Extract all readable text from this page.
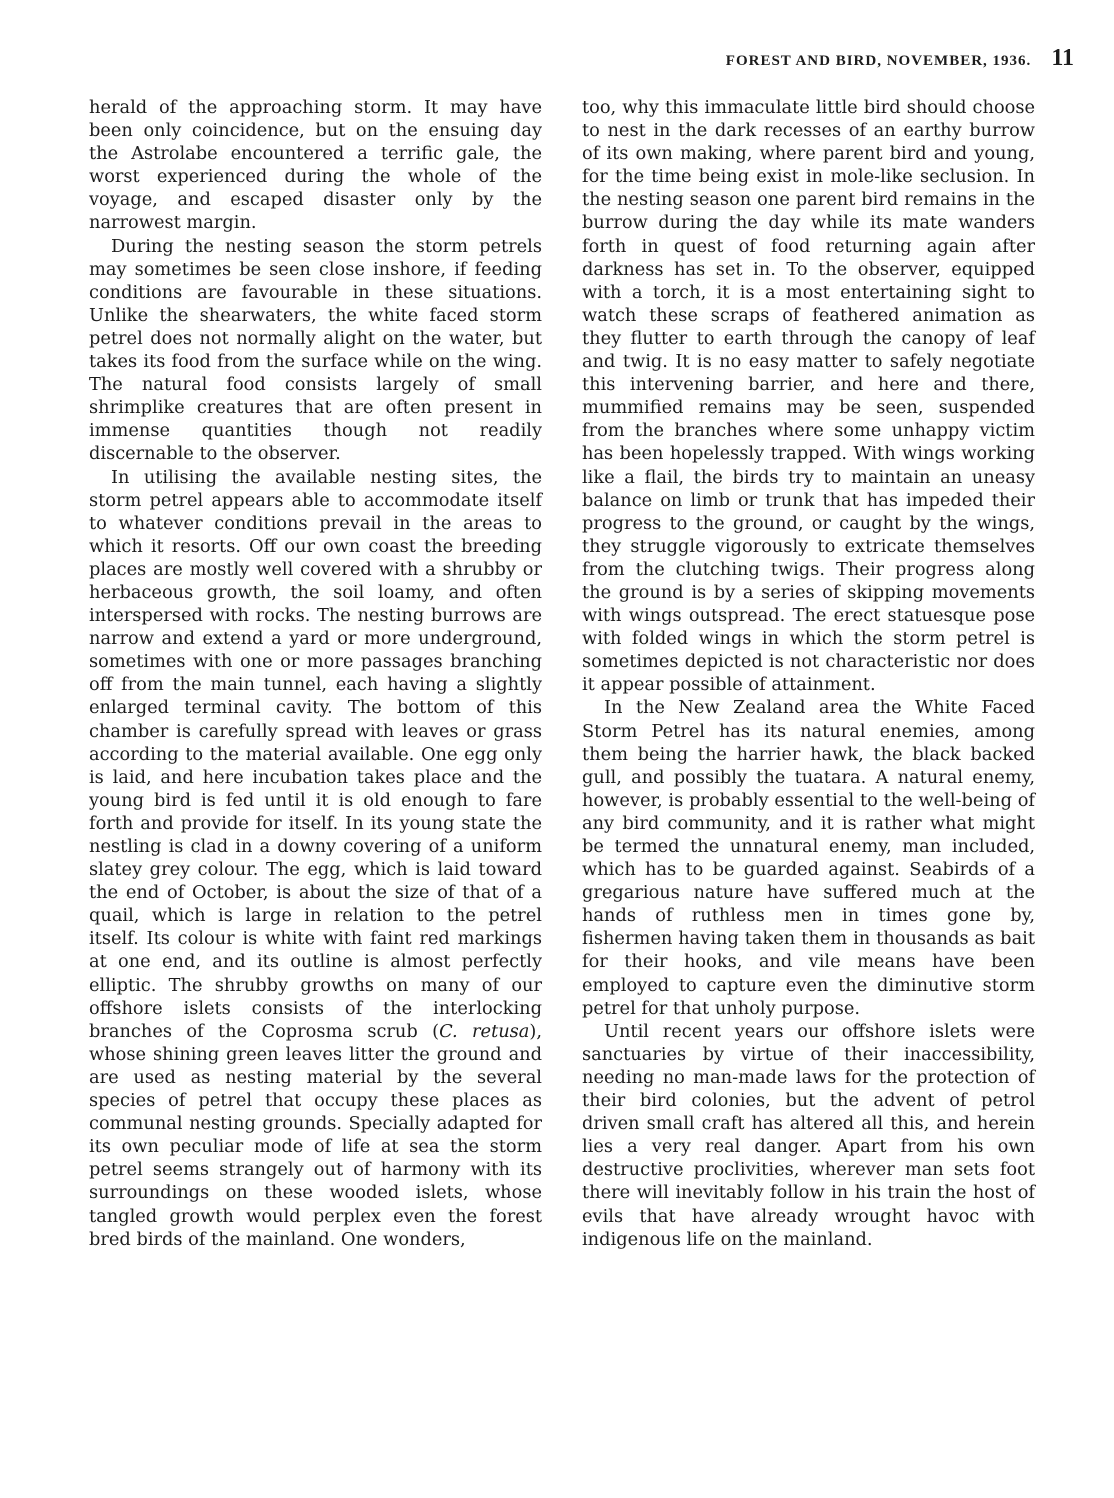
FOREST AND BIRD, NOVEMBER, 1936. 11

herald of the approaching storm. It may have been only coincidence, but on the ensuing day the Astrolabe encountered a terrific gale, the worst experienced during the whole of the voyage, and escaped disaster only by the narrowest margin.

During the nesting season the storm petrels may sometimes be seen close inshore, if feeding conditions are favourable in these situations. Unlike the shearwaters, the white faced storm petrel does not normally alight on the water, but takes its food from the surface while on the wing. The natural food consists largely of small shrimplike creatures that are often present in immense quantities though not readily discernable to the observer.

In utilising the available nesting sites, the storm petrel appears able to accommodate itself to whatever conditions prevail in the areas to which it resorts. Off our own coast the breeding places are mostly well covered with a shrubby or herbaceous growth, the soil loamy, and often interspersed with rocks. The nesting burrows are narrow and extend a yard or more underground, sometimes with one or more passages branching off from the main tunnel, each having a slightly enlarged terminal cavity. The bottom of this chamber is carefully spread with leaves or grass according to the material available. One egg only is laid, and here incubation takes place and the young bird is fed until it is old enough to fare forth and provide for itself. In its young state the nestling is clad in a downy covering of a uniform slatey grey colour. The egg, which is laid toward the end of October, is about the size of that of a quail, which is large in relation to the petrel itself. Its colour is white with faint red markings at one end, and its outline is almost perfectly elliptic. The shrubby growths on many of our offshore islets consists of the interlocking branches of the Coprosma scrub (C. retusa), whose shining green leaves litter the ground and are used as nesting material by the several species of petrel that occupy these places as communal nesting grounds. Specially adapted for its own peculiar mode of life at sea the storm petrel seems strangely out of harmony with its surroundings on these wooded islets, whose tangled growth would perplex even the forest bred birds of the mainland. One wonders,

too, why this immaculate little bird should choose to nest in the dark recesses of an earthy burrow of its own making, where parent bird and young, for the time being exist in mole-like seclusion. In the nesting season one parent bird remains in the burrow during the day while its mate wanders forth in quest of food returning again after darkness has set in. To the observer, equipped with a torch, it is a most entertaining sight to watch these scraps of feathered animation as they flutter to earth through the canopy of leaf and twig. It is no easy matter to safely negotiate this intervening barrier, and here and there, mummified remains may be seen, suspended from the branches where some unhappy victim has been hopelessly trapped. With wings working like a flail, the birds try to maintain an uneasy balance on limb or trunk that has impeded their progress to the ground, or caught by the wings, they struggle vigorously to extricate themselves from the clutching twigs. Their progress along the ground is by a series of skipping movements with wings outspread. The erect statuesque pose with folded wings in which the storm petrel is sometimes depicted is not characteristic nor does it appear possible of attainment.

In the New Zealand area the White Faced Storm Petrel has its natural enemies, among them being the harrier hawk, the black backed gull, and possibly the tuatara. A natural enemy, however, is probably essential to the well-being of any bird community, and it is rather what might be termed the unnatural enemy, man included, which has to be guarded against. Seabirds of a gregarious nature have suffered much at the hands of ruthless men in times gone by, fishermen having taken them in thousands as bait for their hooks, and vile means have been employed to capture even the diminutive storm petrel for that unholy purpose.

Until recent years our offshore islets were sanctuaries by virtue of their inaccessibility, needing no man-made laws for the protection of their bird colonies, but the advent of petrol driven small craft has altered all this, and herein lies a very real danger. Apart from his own destructive proclivities, wherever man sets foot there will inevitably follow in his train the host of evils that have already wrought havoc with indigenous life on the mainland.
